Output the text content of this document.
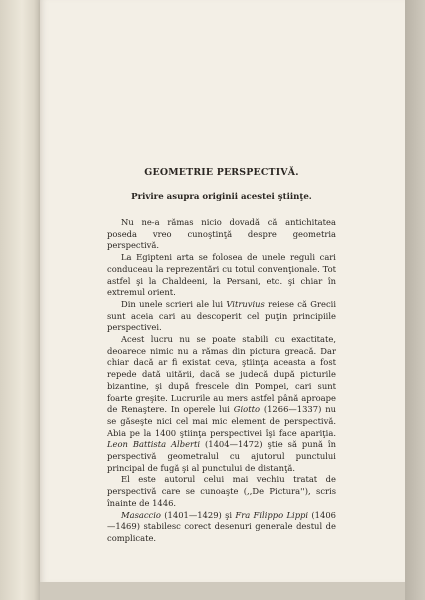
GEOMETRIE PERSPECTIVĂ.
Privire asupra originii acestei ştiinţe.

Nu ne-a rămas nicio dovadă că antichitatea poseda vreo cunoştinţă despre geometria perspectivă.

La Egipteni arta se folosea de unele reguli cari conduceau la reprezentări cu totul convenţionale. Tot astfel şi la Chaldeeni, la Persani, etc. şi chiar în extremul orient.

Din unele scrieri ale lui Vitruvius reiese că Grecii sunt aceia cari au descoperit cel puţin principiile perspectivei.

Acest lucru nu se poate stabili cu exactitate, deoarece nimic nu a rămas din pictura greacă. Dar chiar dacă ar fi existat ceva, ştiinţa aceasta a fost repede dată uitării, dacă se judecă după picturile bizantine, şi după frescele din Pompei, cari sunt foarte greşite. Lucrurile au mers astfel până aproape de Renaştere. In operele lui Giotto (1266—1337) nu se găseşte nici cel mai mic element de perspectivă. Abia pe la 1400 ştiinţa perspectivei îşi face apariţia. Leon Battista Alberti (1404—1472) ştie să pună în perspectivă geometralul cu ajutorul punctului principal de fugă şi al punctului de distanţă.

El este autorul celui mai vechiu tratat de perspectivă care se cunoaşte (,,De Pictura''), scris înainte de 1446.

Masaccio (1401—1429) şi Fra Filippo Lippi (1406—1469) stabilesc corect desenuri generale destul de complicate.
